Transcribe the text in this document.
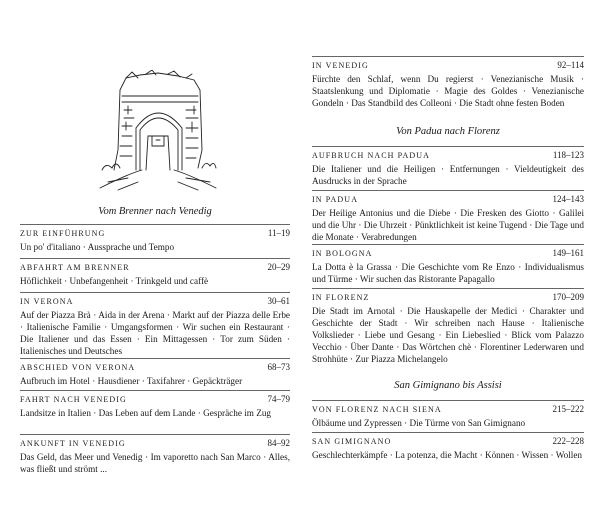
Vom Brenner nach Venedig
ZUR EINFÜHRUNG	11–19
Un po' d'italiano · Aussprache und Tempo
ABFAHRT AM BRENNER	20–29
Höflichkeit · Unbefangenheit · Trinkgeld und caffè
IN VERONA	30–61
Auf der Piazza Brà · Aida in der Arena · Markt auf der Piazza delle Erbe · Italienische Familie · Umgangsformen · Wir suchen ein Restaurant · Die Italiener und das Essen · Ein Mittagessen · Tor zum Süden · Italienisches und Deutsches
ABSCHIED VON VERONA	68–73
Aufbruch im Hotel · Hausdiener · Taxifahrer · Gepäckträger
FAHRT NACH VENEDIG	74–79
Landsitze in Italien · Das Leben auf dem Lande · Gespräche im Zug
ANKUNFT IN VENEDIG	84–92
Das Geld, das Meer und Venedig · Im vaporetto nach San Marco · Alles, was fließt und strömt ...
IN VENEDIG	92–114
Fürchte den Schlaf, wenn Du regierst · Venezianische Musik · Staatslenkung und Diplomatie · Magie des Goldes · Venezianische Gondeln · Das Standbild des Colleoni · Die Stadt ohne festen Boden
Von Padua nach Florenz
AUFBRUCH NACH PADUA	118–123
Die Italiener und die Heiligen · Entfernungen · Vieldeutigkeit des Ausdrucks in der Sprache
IN PADUA	124–143
Der Heilige Antonius und die Diebe · Die Fresken des Giotto · Galilei und die Uhr · Die Uhrzeit · Pünktlichkeit ist keine Tugend · Die Tage und die Monate · Verabredungen
IN BOLOGNA	149–161
La Dotta è la Grassa · Die Geschichte vom Re Enzo · Individualismus und Türme · Wir suchen das Ristorante Papagallo
IN FLORENZ	170–209
Die Stadt im Arnotal · Die Hauskapelle der Medici · Charakter und Geschichte der Stadt · Wir schreiben nach Hause · Italienische Volkslieder · Liebe und Gesang · Ein Liebeslied · Blick vom Palazzo Vecchio · Über Dante · Das Wörtchen chè · Florentiner Lederwaren und Strohhüte · Zur Piazza Michelangelo
San Gimignano bis Assisi
VON FLORENZ NACH SIENA	215–222
Ölbäume und Zypressen · Die Türme von San Gimignano
SAN GIMIGNANO	222–228
Geschlechterkämpfe · La potenza, die Macht · Können · Wissen · Wollen
